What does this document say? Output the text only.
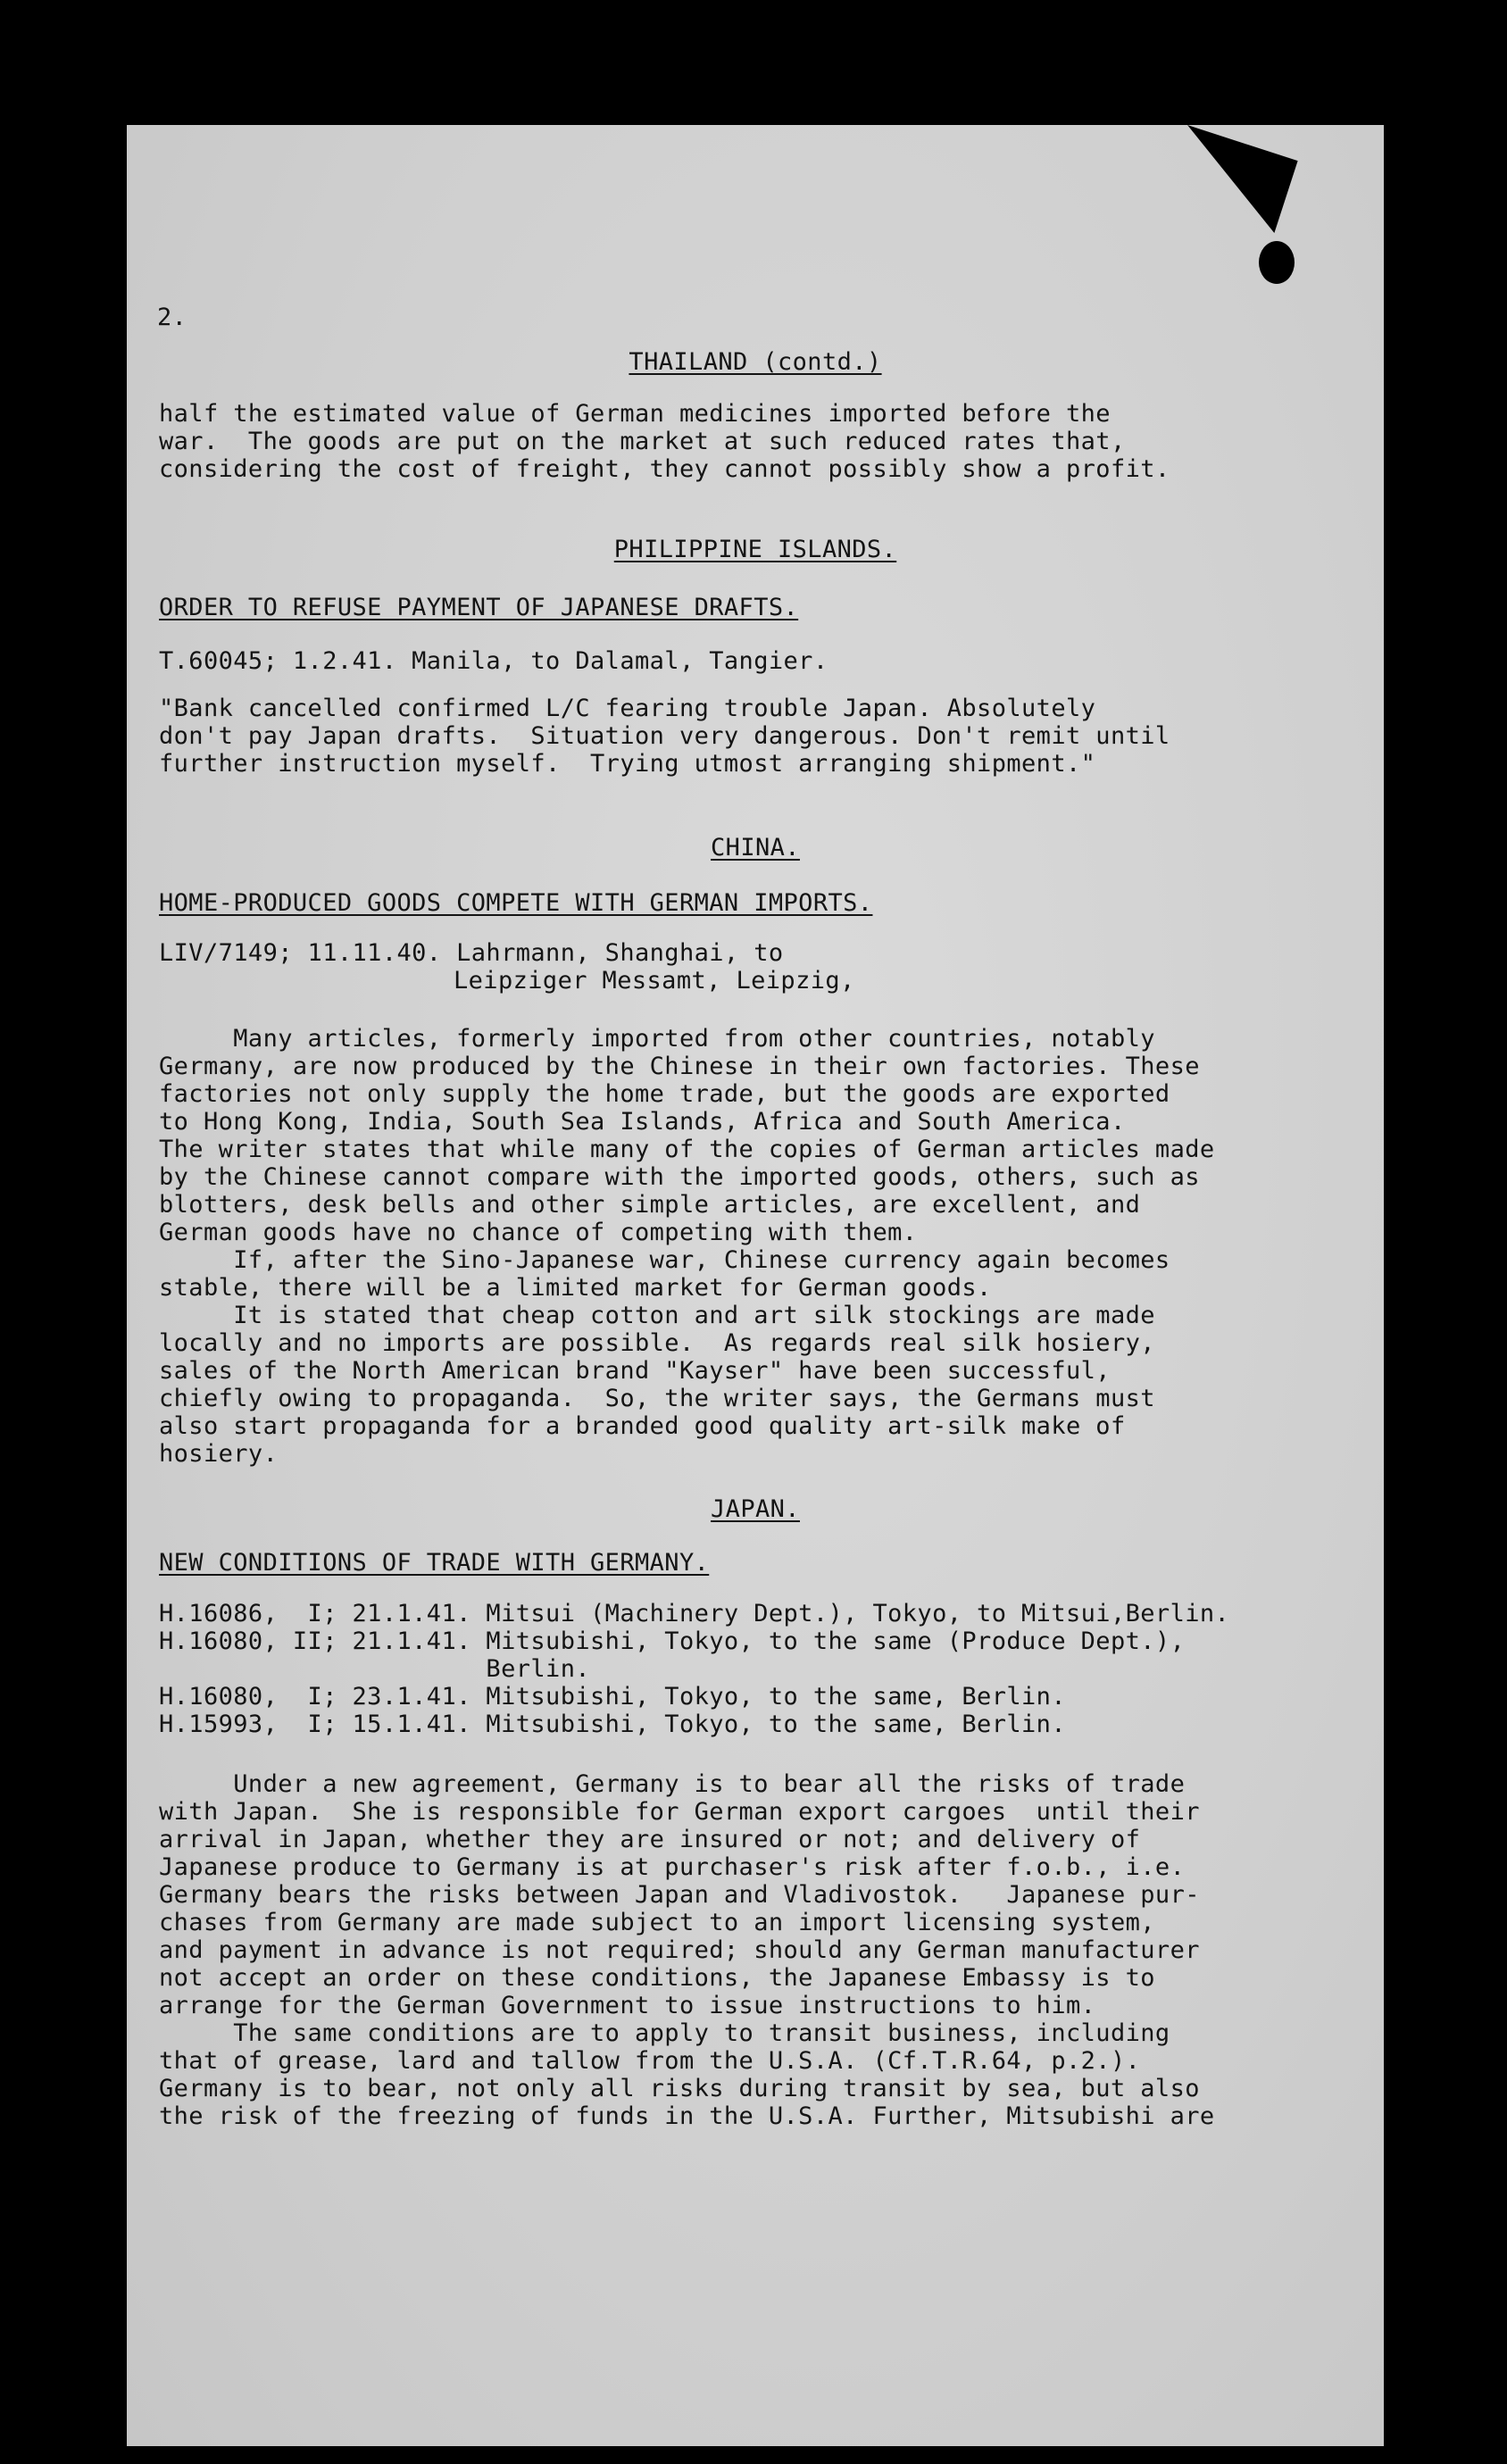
2.
THAILAND (contd.)
half the estimated value of German medicines imported before the
war.  The goods are put on the market at such reduced rates that,
considering the cost of freight, they cannot possibly show a profit.
PHILIPPINE ISLANDS.
ORDER TO REFUSE PAYMENT OF JAPANESE DRAFTS.
T.60045; 1.2.41. Manila, to Dalamal, Tangier.
"Bank cancelled confirmed L/C fearing trouble Japan. Absolutely
don't pay Japan drafts.  Situation very dangerous. Don't remit until
further instruction myself.  Trying utmost arranging shipment."
CHINA.
HOME-PRODUCED GOODS COMPETE WITH GERMAN IMPORTS.
LIV/7149; 11.11.40. Lahrmann, Shanghai, to
Leipziger Messamt, Leipzig,
Many articles, formerly imported from other countries, notably
Germany, are now produced by the Chinese in their own factories. These
factories not only supply the home trade, but the goods are exported
to Hong Kong, India, South Sea Islands, Africa and South America.
The writer states that while many of the copies of German articles made
by the Chinese cannot compare with the imported goods, others, such as
blotters, desk bells and other simple articles, are excellent, and
German goods have no chance of competing with them.
If, after the Sino-Japanese war, Chinese currency again becomes
stable, there will be a limited market for German goods.
It is stated that cheap cotton and art silk stockings are made
locally and no imports are possible.  As regards real silk hosiery,
sales of the North American brand "Kayser" have been successful,
chiefly owing to propaganda.  So, the writer says, the Germans must
also start propaganda for a branded good quality art-silk make of
hosiery.
JAPAN.
NEW CONDITIONS OF TRADE WITH GERMANY.
H.16086,  I; 21.1.41. Mitsui (Machinery Dept.), Tokyo, to Mitsui,Berlin.
H.16080, II; 21.1.41. Mitsubishi, Tokyo, to the same (Produce Dept.),
Berlin.
H.16080,  I; 23.1.41. Mitsubishi, Tokyo, to the same, Berlin.
H.15993,  I; 15.1.41. Mitsubishi, Tokyo, to the same, Berlin.
Under a new agreement, Germany is to bear all the risks of trade
with Japan.  She is responsible for German export cargoes  until their
arrival in Japan, whether they are insured or not; and delivery of
Japanese produce to Germany is at purchaser's risk after f.o.b., i.e.
Germany bears the risks between Japan and Vladivostok.   Japanese pur-
chases from Germany are made subject to an import licensing system,
and payment in advance is not required; should any German manufacturer
not accept an order on these conditions, the Japanese Embassy is to
arrange for the German Government to issue instructions to him.
The same conditions are to apply to transit business, including
that of grease, lard and tallow from the U.S.A. (Cf.T.R.64, p.2.).
Germany is to bear, not only all risks during transit by sea, but also
the risk of the freezing of funds in the U.S.A. Further, Mitsubishi are
